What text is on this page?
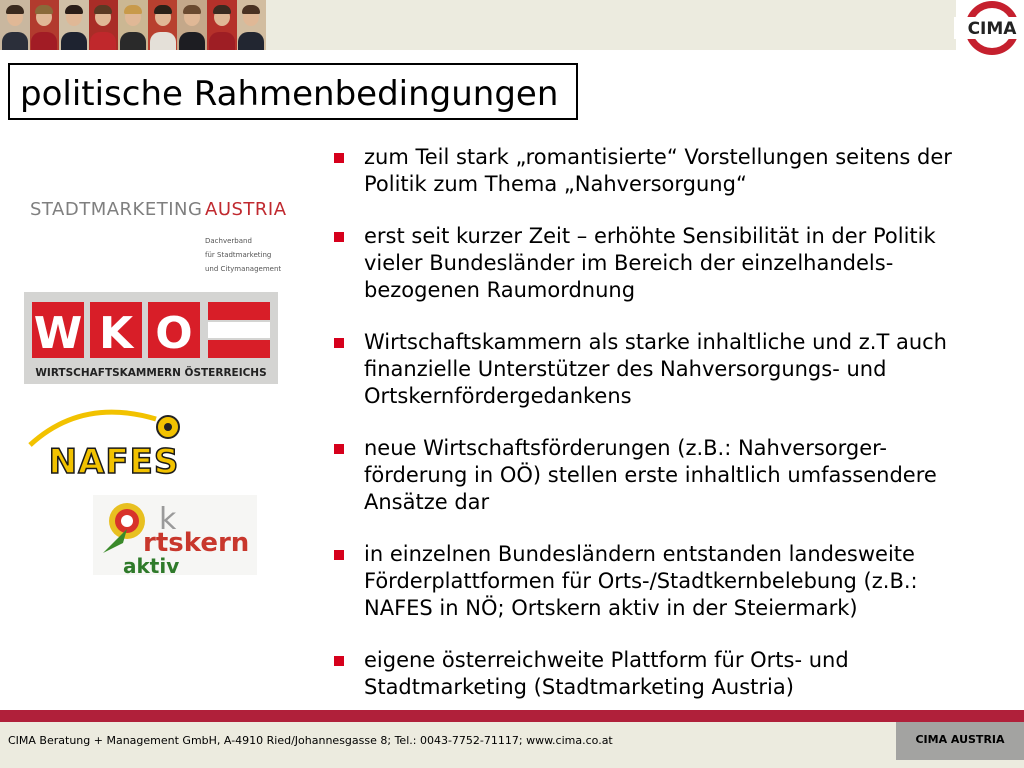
CIMA
politische Rahmenbedingungen
STADTMARKETING AUSTRIA
Dachverband
für Stadtmarketing
und Citymanagement
W K O
WIRTSCHAFTSKAMMERN ÖSTERREICHS
NAFES
k
rtskern
aktiv
zum Teil stark „romantisierte“ Vorstellungen seitens der
Politik zum Thema „Nahversorgung“
erst seit kurzer Zeit – erhöhte Sensibilität in der Politik
vieler Bundesländer im Bereich der einzelhandels-
bezogenen Raumordnung
Wirtschaftskammern als starke inhaltliche und z.T auch
finanzielle Unterstützer des Nahversorgungs- und
Ortskernfördergedankens
neue Wirtschaftsförderungen (z.B.: Nahversorger-
förderung in OÖ) stellen erste inhaltlich umfassendere
Ansätze dar
in einzelnen Bundesländern entstanden landesweite
Förderplattformen für Orts-/Stadtkernbelebung (z.B.:
NAFES in NÖ; Ortskern aktiv in der Steiermark)
eigene österreichweite Plattform für Orts- und
Stadtmarketing (Stadtmarketing Austria)
CIMA Beratung + Management GmbH, A-4910 Ried/Johannesgasse 8; Tel.: 0043-7752-71117; www.cima.co.at	CIMA AUSTRIA
